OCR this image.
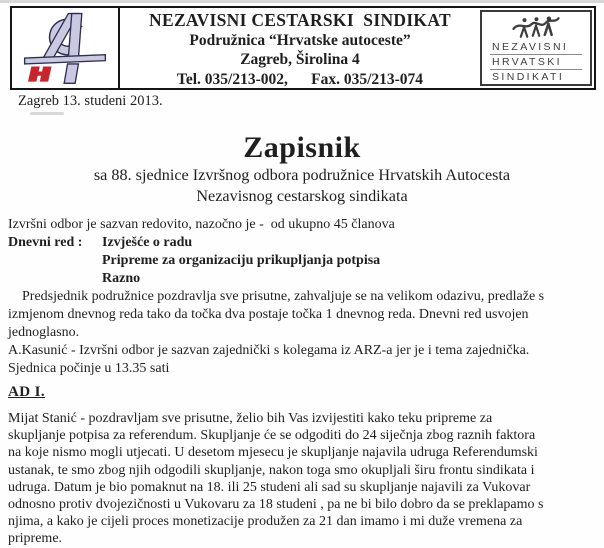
NEZAVISNI CESTARSKI  SINDIKAT
Podružnica “Hrvatske autoceste”
Zagreb, Širolina 4
Tel. 035/213-002,      Fax. 035/213-074
NEZAVISNI
HRVATSKI
SINDIKATI
Zagreb 13. studeni 2013.
Zapisnik
sa 88. sjednice Izvršnog odbora podružnice Hrvatskih Autocesta
Nezavisnog cestarskog sindikata
Izvršni odbor je sazvan redovito, nazočno je -  od ukupno 45 članova
Dnevni red :	Izvješće o radu
Pripreme za organizaciju prikupljanja potpisa
Razno
Predsjednik podružnice pozdravlja sve prisutne, zahvaljuje se na velikom odazivu, predlaže s
izmjenom dnevnog reda tako da točka dva postaje točka 1 dnevnog reda. Dnevni red usvojen
jednoglasno.
A.Kasunić - Izvršni odbor je sazvan zajednički s kolegama iz ARZ-a jer je i tema zajednička.
Sjednica počinje u 13.35 sati
AD I.
Mijat Stanić - pozdravljam sve prisutne, želio bih Vas izvijestiti kako teku pripreme za
skupljanje potpisa za referendum. Skupljanje će se odgoditi do 24 siječnja zbog raznih faktora
na koje nismo mogli utjecati. U desetom mjesecu je skupljanje najavila udruga Referendumski
ustanak, te smo zbog njih odgodili skupljanje, nakon toga smo okupljali širu frontu sindikata i
udruga. Datum je bio pomaknut na 18. ili 25 studeni ali sad su skupljanje najavili za Vukovar
odnosno protiv dvojezičnosti u Vukovaru za 18 studeni , pa ne bi bilo dobro da se preklapamo s
njima, a kako je cijeli proces monetizacije produžen za 21 dan imamo i mi duže vremena za
pripreme.
